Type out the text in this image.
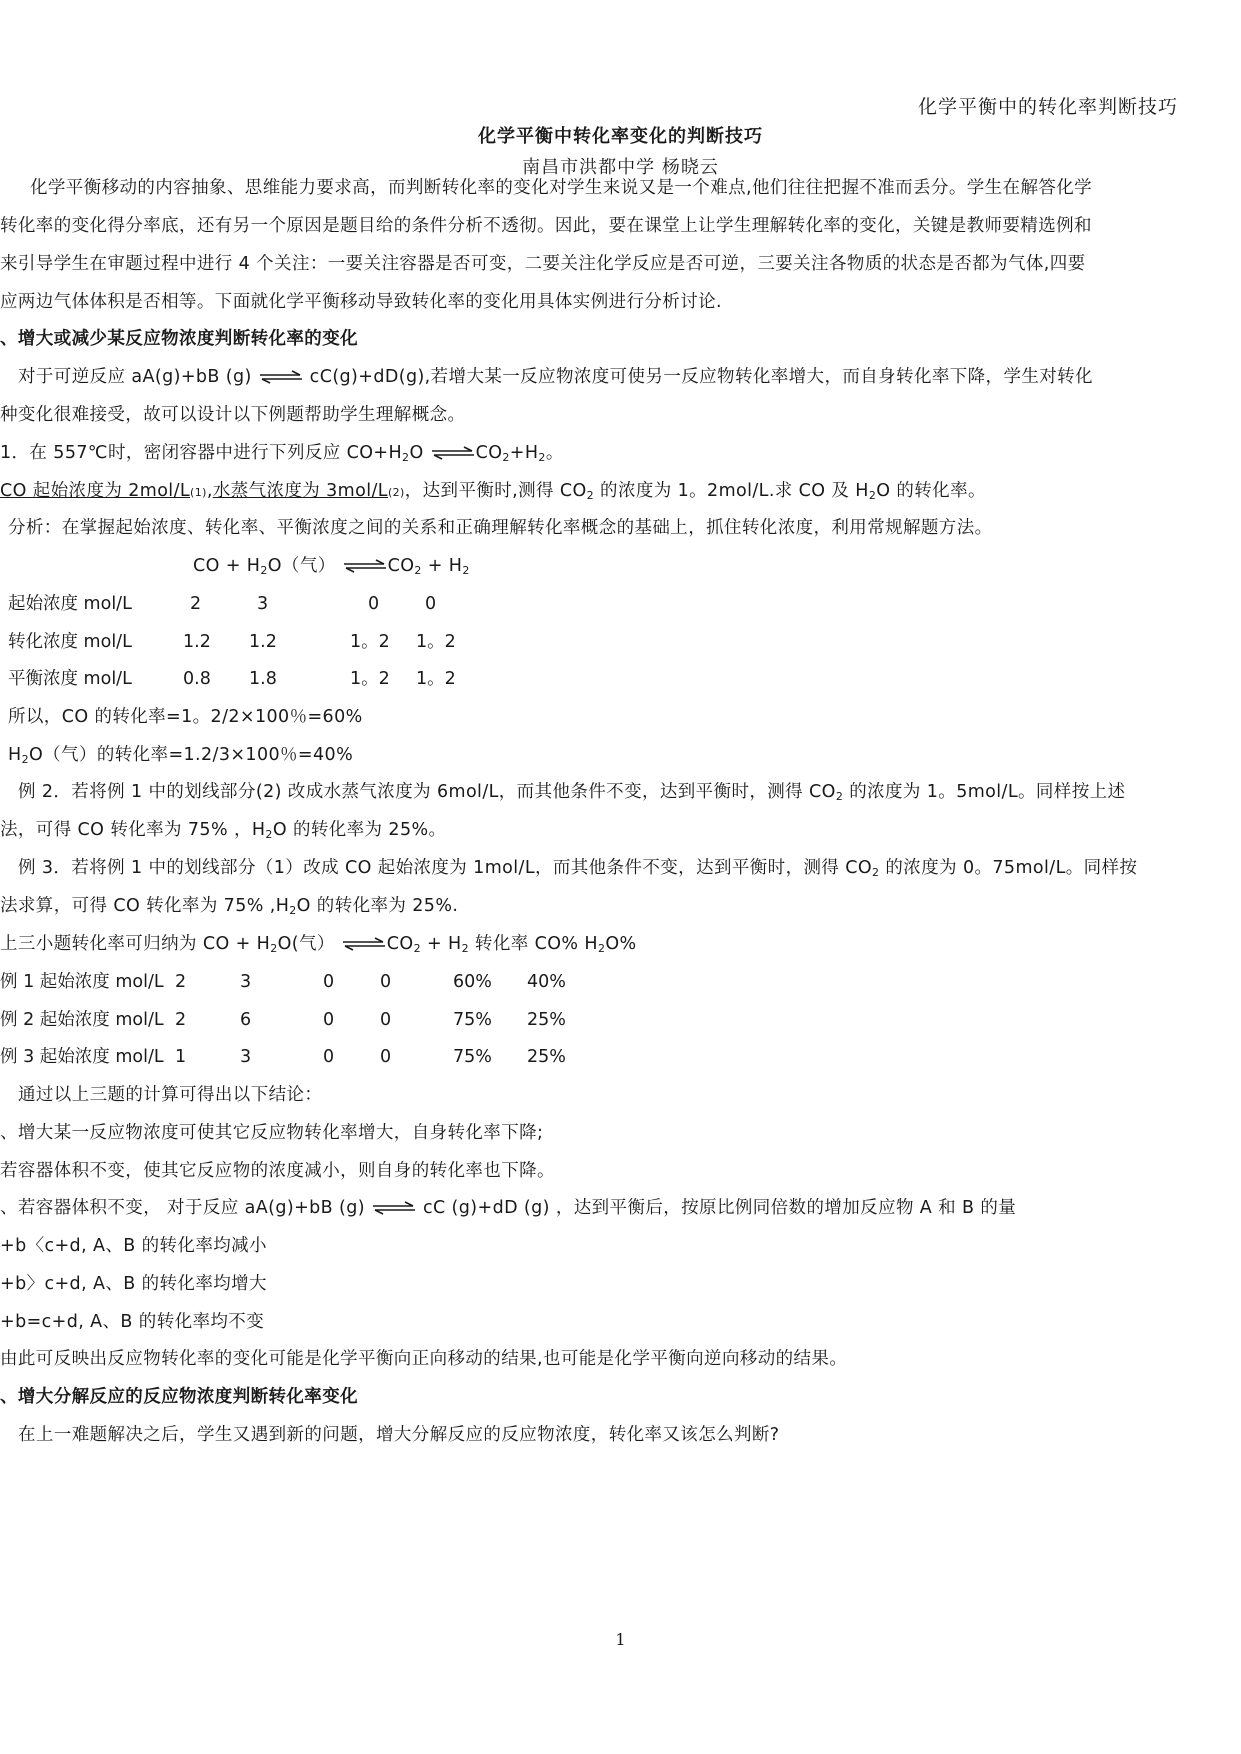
化学平衡中的转化率判断技巧
化学平衡中转化率变化的判断技巧
南昌市洪都中学 杨晓云
化学平衡移动的内容抽象、思维能力要求高，而判断转化率的变化对学生来说又是一个难点,他们往往把握不准而丢分。学生在解答化学
转化率的变化得分率底，还有另一个原因是题目给的条件分析不透彻。因此，要在课堂上让学生理解转化率的变化，关键是教师要精选例和
来引导学生在审题过程中进行 4 个关注：一要关注容器是否可变，二要关注化学反应是否可逆，三要关注各物质的状态是否都为气体,四要
应两边气体体积是否相等。下面就化学平衡移动导致转化率的变化用具体实例进行分析讨论.
、增大或减少某反应物浓度判断转化率的变化
对于可逆反应 aA(g)+bB (g) ⇌ cC(g)+dD(g),若增大某一反应物浓度可使另一反应物转化率增大，而自身转化率下降，学生对转化
种变化很难接受，故可以设计以下例题帮助学生理解概念。
1．在 557℃时，密闭容器中进行下列反应 $CO+H_2O$ $\rightleftharpoons CO_2+H_2$。
CO 起始浓度为 2mol/L(1),水蒸气浓度为 3mol/L(2)，达到平衡时,测得 $CO_2$ 的浓度为 1。2mol/L.求 CO 及 $H_2O$ 的转化率。
分析：在掌握起始浓度、转化率、平衡浓度之间的关系和正确理解转化率概念的基础上，抓住转化浓度，利用常规解题方法。
CO + $H_2O$（气） $\rightleftharpoons CO_2 + H_2$
起始浓度 mol/L	2	3	0	0
转化浓度 mol/L	1.2 1.2	1。2 1。2
平衡浓度 mol/L	0.8 1.8	1。2 1。2
所以，CO 的转化率=1。2/2×100％=60%
$H_2O$（气）的转化率=1.2/3×100％=40%
例 2．若将例 1 中的划线部分(2) 改成水蒸气浓度为 6mol/L，而其他条件不变，达到平衡时，测得 $CO_2$ 的浓度为 1。5mol/L。同样按上述
法，可得 CO 转化率为 75% ，$H_2O$ 的转化率为 25%。
例 3．若将例 1 中的划线部分（1）改成 CO 起始浓度为 1mol/L，而其他条件不变，达到平衡时，测得 $CO_2$ 的浓度为 0。75mol/L。同样按
法求算，可得 CO 转化率为 75% $,H_2O$ 的转化率为 25%.
上三小题转化率可归纳为 CO + $H_2O$(气） $\rightleftharpoons CO_2 + H_2$ 转化率 CO% $H_2O\%$
例 1 起始浓度 mol/L 2	3	0	0	60% 40%
例 2 起始浓度 mol/L 2	6	0	0	75% 25%
例 3 起始浓度 mol/L 1	3	0	0	75% 25%
通过以上三题的计算可得出以下结论：
、增大某一反应物浓度可使其它反应物转化率增大，自身转化率下降;
若容器体积不变，使其它反应物的浓度减小，则自身的转化率也下降。
、若容器体积不变， 对于反应 aA(g)+bB (g) ⇌ cC (g)+dD (g) ，达到平衡后，按原比例同倍数的增加反应物 A 和 B 的量
+b〈c+d, A、B 的转化率均减小
+b〉c+d, A、B 的转化率均增大
+b=c+d, A、B 的转化率均不变
由此可反映出反应物转化率的变化可能是化学平衡向正向移动的结果,也可能是化学平衡向逆向移动的结果。
、增大分解反应的反应物浓度判断转化率变化
在上一难题解决之后，学生又遇到新的问题，增大分解反应的反应物浓度，转化率又该怎么判断?
1
